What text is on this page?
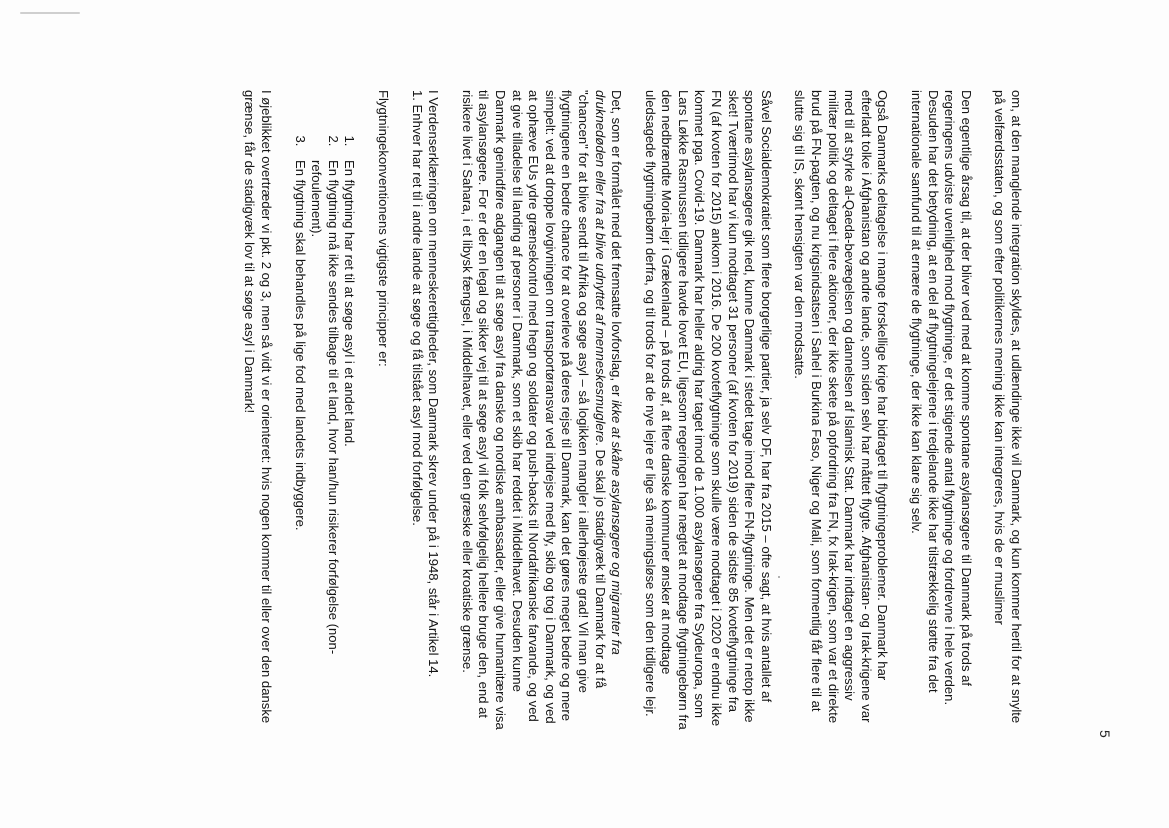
5

om, at den manglende integration skyldes, at udlændinge ikke vil Danmark, og kun kommer hertil for at snylte på velfærdsstaten, og som efter politikernes mening ikke kan integreres, hvis de er muslimer

Den egentlige årsag til, at der bliver ved med at komme spontane asylansøgere til Danmark på trods af regeringens udviste uvenlighed mod flygtninge, er det stigende antal flygtninge og fordrevne i hele verden. Desuden har det betydning, at en del af flygtningelejrene i tredjelande ikke har tilstrækkelig støtte fra det internationale samfund til at ernære de flygtninge, der ikke kan klare sig selv.

Også Danmarks deltagelse i mange forskellige krige har bidraget til flygtningeproblemer. Danmark har efterladt tolke i Afghanistan og andre lande, som siden selv har måttet flygte. Afghanistan- og Irak-krigene var med til at styrke al-Qaeda-bevægelsen og dannelsen af Islamisk Stat. Danmark har indtaget en aggressiv militær politik og deltaget i flere aktioner, der ikke skete på opfordring fra FN, fx Irak-krigen, som var et direkte brud på FN-pagten, og nu krigsindsatsen i Sahel i Burkina Faso, Niger og Mali, som formentlig får flere til at slutte sig til IS, skønt hensigten var den modsatte.

Såvel Socialdemokratiet som flere borgerlige partier, ja selv DF, har fra 2015 – ofte sagt, at hvis antallet af spontane asylansøgere gik ned, kunne Danmark i stedet tage imod flere FN-flygtninge. Men det er netop ikke sket! Tværtimod har vi kun modtaget 31 personer (af kvoten for 2019) siden de sidste 85 kvoteflygtninge fra FN (af kvoten for 2015) ankom i 2016. De 200 kvoteflygtninge som skulle være modtaget i 2020 er endnu ikke kommet pga. Covid-19. Danmark har heller aldrig har taget imod de 1.000 asylansøgere fra Sydeuropa, som Lars Løkke Rasmussen tidligere havde lovet EU, ligesom regeringen har nægtet at modtage flygtningebørn fra den nedbrændte Moria-lejr i Grækenland – på trods af, at flere danske kommuner ønsker at modtage uledsagede flygtningebørn derfra, og til trods for at de nye lejre er lige så meningsløse som den tidligere lejr.

Det, som er formålet med det fremsatte lovforslag, er ikke at skåne asylansøgere og migranter fra druknedøden eller fra at blive udnyttet af menneskesmuglere. De skal jo stadigvæk til Danmark for at få "chancen" for at blive sendt til Afrika og søge asyl – så logikken mangler i allerhøjeste grad! Vil man give flygtningene en bedre chance for at overleve på deres rejse til Danmark, kan det gøres meget bedre og mere simpelt: ved at droppe lovgivningen om transportøransvar ved indrejse med fly, skib og tog i Danmark, og ved at ophæve EUs ydre grænsekontrol med hegn og soldater og push-backs til Nordafrikanske farvande, og ved at give tilladelse til landing af personer i Danmark, som et skib har reddet i Middelhavet. Desuden kunne Danmark genindføre adgangen til at søge asyl fra danske og nordiske ambassader, eller give humanitære visa til asylansøgere. For er der en legal og sikker vej til at søge asyl vil folk selvfølgelig hellere bruge den, end at risikere livet i Sahara, i et libysk fængsel, i Middelhavet, eller ved den græske eller kroatiske grænse.

I Verdenserklæringen om menneskerettigheder, som Danmark skrev under på i 1948, står i Artikel 14.

1. Enhver har ret til i andre lande at søge og få tilstået asyl mod forfølgelse.

Flygtningekonventionens vigtigste principper er:

1. En flygtning har ret til at søge asyl i et andet land.
2. En flygtning må ikke sendes tilbage til et land, hvor han/hun risikerer forfølgelse (non-refoulement).
3. En flygtning skal behandles på lige fod med landets indbyggere.

I øjeblikket overtræder vi pkt. 2 og 3, men så vidt vi er orienteret: hvis nogen kommer til eller over den danske grænse, får de stadigvæk lov til at søge asyl i Danmark!
